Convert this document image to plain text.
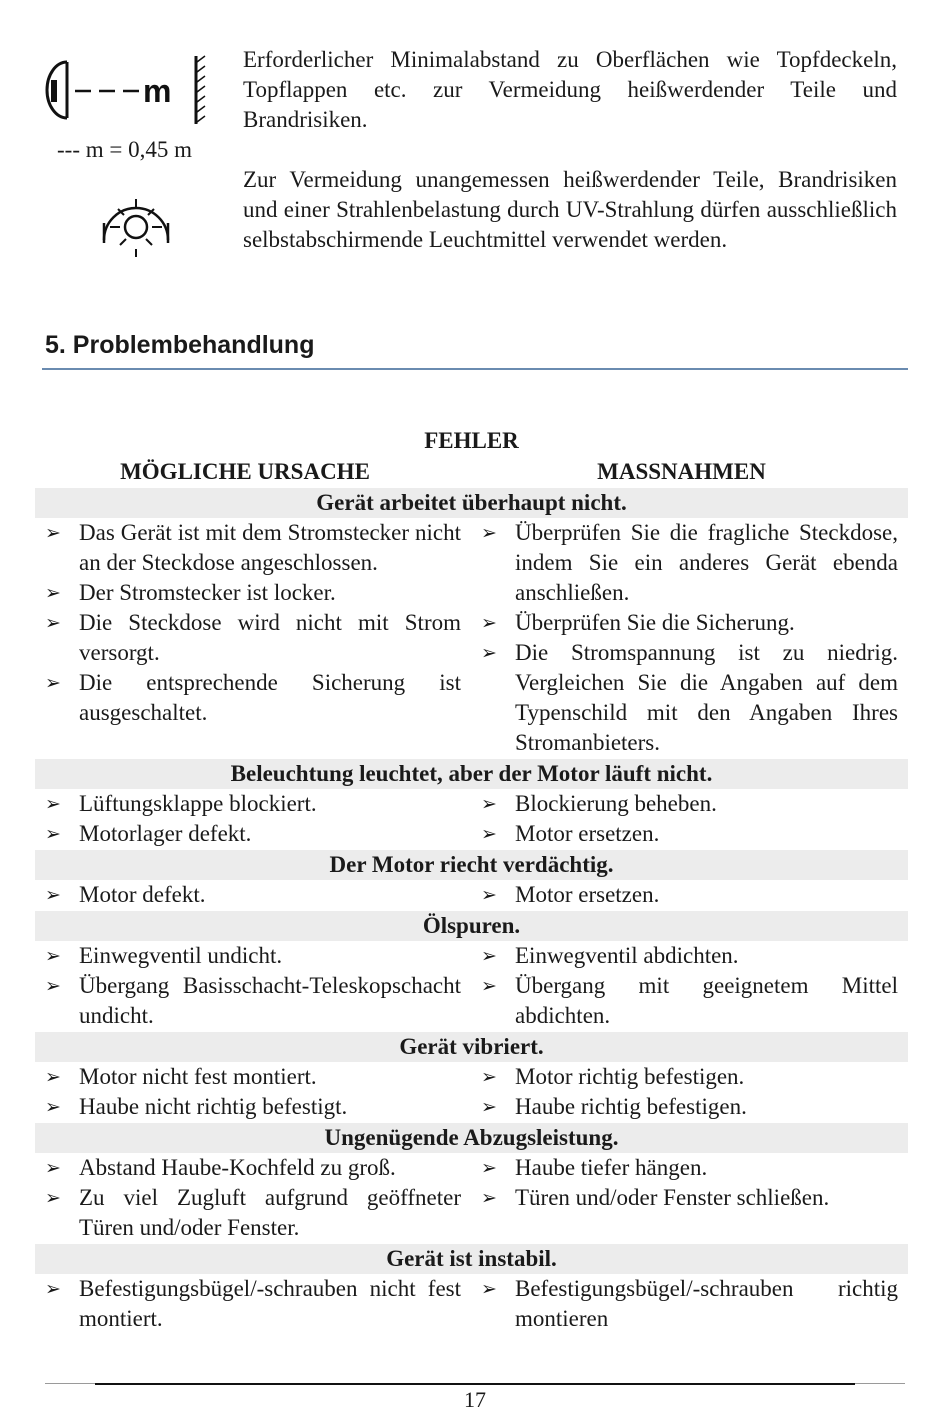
m
--- m = 0,45 m
Erforderlicher Minimalabstand zu Oberflächen wie Topfdeckeln, Topflappen etc. zur Vermeidung heißwerdender Teile und Brandrisiken.
Zur Vermeidung unangemessen heißwerdender Teile, Brandrisiken und einer Strahlenbelastung durch UV-Strahlung dürfen ausschließlich selbstabschirmende Leuchtmittel verwendet werden.
5. Problembehandlung
FEHLER
MÖGLICHE URSACHE	MASSNAHMEN
Gerät arbeitet überhaupt nicht.
➢ Das Gerät ist mit dem Stromstecker nicht an der Steckdose angeschlossen.
➢ Der Stromstecker ist locker.
➢ Die Steckdose wird nicht mit Strom versorgt.
➢ Die entsprechende Sicherung ist ausgeschaltet.
➢ Überprüfen Sie die fragliche Steckdose, indem Sie ein anderes Gerät ebenda anschließen.
➢ Überprüfen Sie die Sicherung.
➢ Die Stromspannung ist zu niedrig. Vergleichen Sie die Angaben auf dem Typenschild mit den Angaben Ihres Stromanbieters.
Beleuchtung leuchtet, aber der Motor läuft nicht.
➢ Lüftungsklappe blockiert.
➢ Motorlager defekt.
➢ Blockierung beheben.
➢ Motor ersetzen.
Der Motor riecht verdächtig.
➢ Motor defekt.	➢ Motor ersetzen.
Ölspuren.
➢ Einwegventil undicht.
➢ Übergang Basisschacht-Teleskopschacht undicht.
➢ Einwegventil abdichten.
➢ Übergang mit geeignetem Mittel abdichten.
Gerät vibriert.
➢ Motor nicht fest montiert.
➢ Haube nicht richtig befestigt.
➢ Motor richtig befestigen.
➢ Haube richtig befestigen.
Ungenügende Abzugsleistung.
➢ Abstand Haube-Kochfeld zu groß.
➢ Zu viel Zugluft aufgrund geöffneter Türen und/oder Fenster.
➢ Haube tiefer hängen.
➢ Türen und/oder Fenster schließen.
Gerät ist instabil.
➢ Befestigungsbügel/-schrauben nicht fest montiert.
➢ Befestigungsbügel/-schrauben richtig montieren
17
